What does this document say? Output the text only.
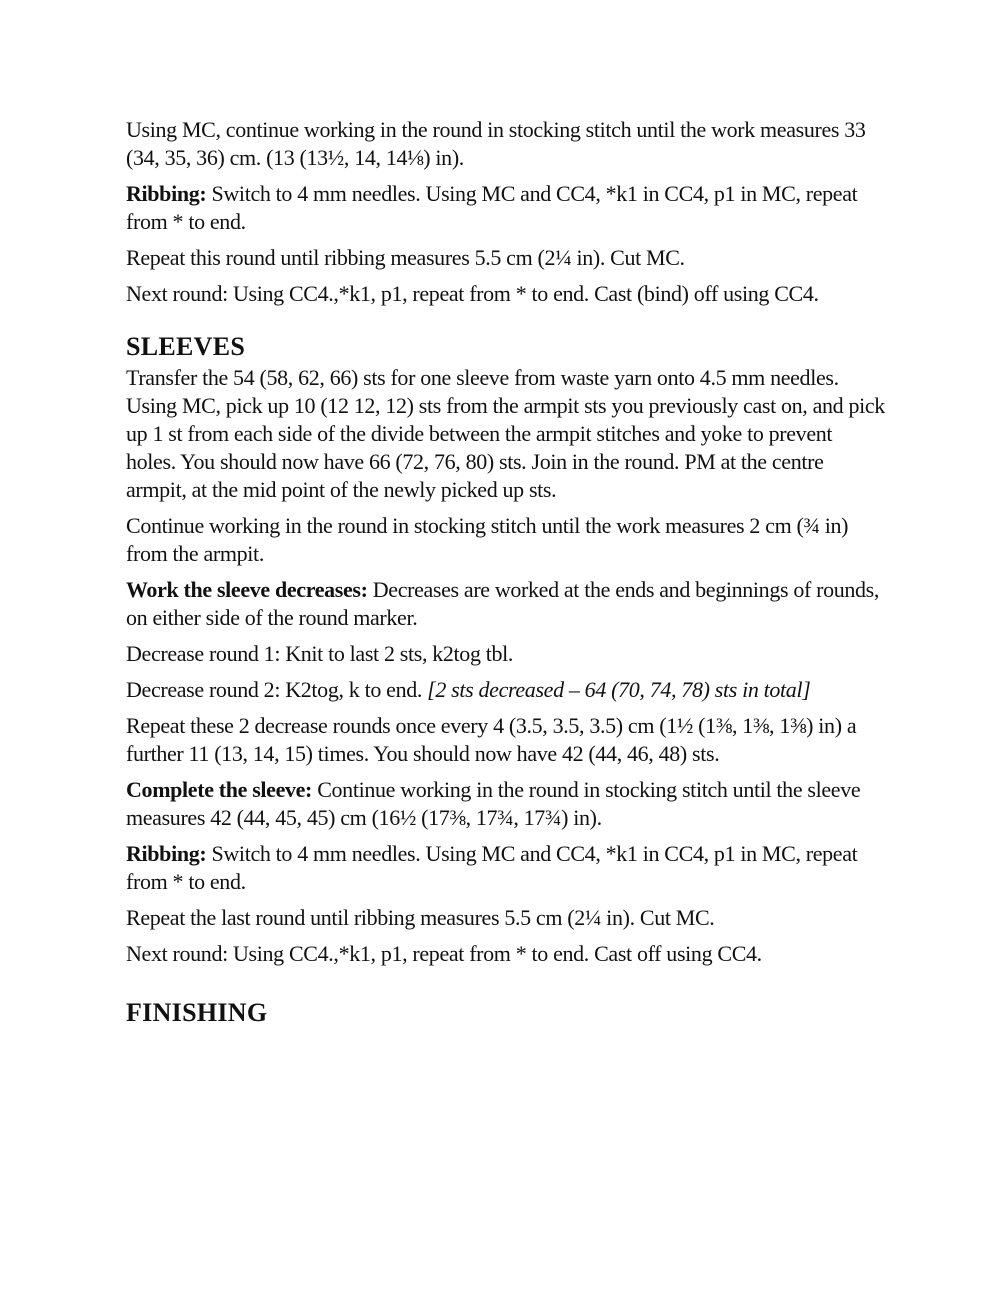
Using MC, continue working in the round in stocking stitch until the work measures 33 (34, 35, 36) cm. (13 (13½, 14, 14⅛) in).

Ribbing: Switch to 4 mm needles. Using MC and CC4, *k1 in CC4, p1 in MC, repeat from * to end.

Repeat this round until ribbing measures 5.5 cm (2¼ in). Cut MC.

Next round: Using CC4.,*k1, p1, repeat from * to end. Cast (bind) off using CC4.

SLEEVES

Transfer the 54 (58, 62, 66) sts for one sleeve from waste yarn onto 4.5 mm needles. Using MC, pick up 10 (12 12, 12) sts from the armpit sts you previously cast on, and pick up 1 st from each side of the divide between the armpit stitches and yoke to prevent holes. You should now have 66 (72, 76, 80) sts. Join in the round. PM at the centre armpit, at the mid point of the newly picked up sts.

Continue working in the round in stocking stitch until the work measures 2 cm (¾ in) from the armpit.

Work the sleeve decreases: Decreases are worked at the ends and beginnings of rounds, on either side of the round marker.

Decrease round 1: Knit to last 2 sts, k2tog tbl.

Decrease round 2: K2tog, k to end. [2 sts decreased – 64 (70, 74, 78) sts in total]

Repeat these 2 decrease rounds once every 4 (3.5, 3.5, 3.5) cm (1½ (1⅜, 1⅜, 1⅜) in) a further 11 (13, 14, 15) times. You should now have 42 (44, 46, 48) sts.

Complete the sleeve: Continue working in the round in stocking stitch until the sleeve measures 42 (44, 45, 45) cm (16½ (17⅜, 17¾, 17¾) in).

Ribbing: Switch to 4 mm needles. Using MC and CC4, *k1 in CC4, p1 in MC, repeat from * to end.

Repeat the last round until ribbing measures 5.5 cm (2¼ in). Cut MC.

Next round: Using CC4.,*k1, p1, repeat from * to end. Cast off using CC4.

FINISHING
